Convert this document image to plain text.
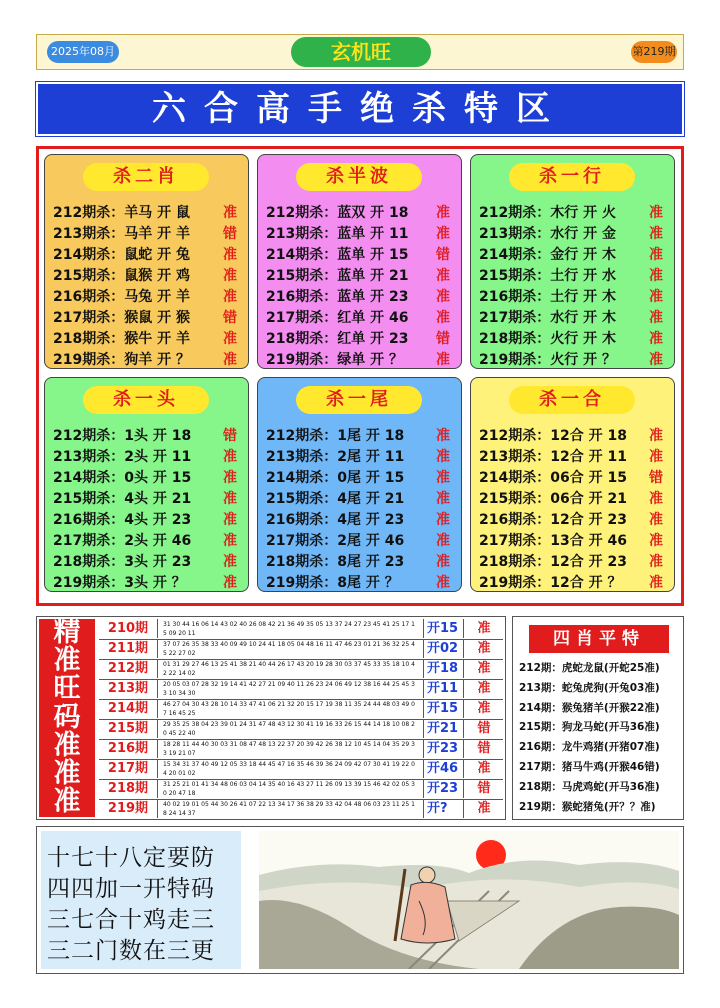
2025年08月	玄机旺	第219期
六合高手绝杀特区
杀二肖
212期杀：羊马 开 鼠 准
213期杀：马羊 开 羊 错
214期杀：鼠蛇 开 兔 准
215期杀：鼠猴 开 鸡 准
216期杀：马兔 开 羊 准
217期杀：猴鼠 开 猴 错
218期杀：猴牛 开 羊 准
219期杀：狗羊 开 ？ 准
杀半波
212期杀：蓝双 开 18 准
213期杀：蓝单 开 11 准
214期杀：蓝单 开 15 错
215期杀：蓝单 开 21 准
216期杀：蓝单 开 23 准
217期杀：红单 开 46 准
218期杀：红单 开 23 错
219期杀：绿单 开 ？ 准
杀一行
212期杀：木行 开 火 准
213期杀：水行 开 金 准
214期杀：金行 开 木 准
215期杀：土行 开 水 准
216期杀：土行 开 木 准
217期杀：水行 开 木 准
218期杀：火行 开 木 准
219期杀：火行 开 ？ 准
杀一头
212期杀：1头 开 18 错
213期杀：2头 开 11 准
214期杀：0头 开 15 准
215期杀：4头 开 21 准
216期杀：4头 开 23 准
217期杀：2头 开 46 准
218期杀：3头 开 23 准
219期杀：3头 开 ？	准
杀一尾
212期杀：1尾 开 18 准
213期杀：2尾 开 11 准
214期杀：0尾 开 15 准
215期杀：4尾 开 21 准
216期杀：4尾 开 23 准
217期杀：2尾 开 46 准
218期杀：8尾 开 23 准
219期杀：8尾 开 ？	准
杀一合
212期杀：12合 开 18 准
213期杀：12合 开 11 准
214期杀：06合 开 15 错
215期杀：06合 开 21 准
216期杀：12合 开 23 准
217期杀：13合 开 46 准
218期杀：12合 开 23 准
219期杀：12合 开 ？ 准
精
准
旺
码
准
准
准
210期	31 30 44 16 06 14 43 02 40 26 08 42 21 36 49 35 05 13 37 24 27 23 45 41 25 17 15 09 20 11	开15	准
211期	37 07 26 35 38 33 40 09 49 10 24 41 18 05 04 48 16 11 47 46 23 01 21 36 32 25 45 22 27 02	开02	准
212期	01 31 29 27 46 13 25 41 38 21 40 44 26 17 43 20 19 28 30 03 37 45 33 35 18 10 42 22 14 02	开18	准
213期	20 05 03 07 28 32 19 14 41 42 27 21 09 40 11 26 23 24 06 49 12 38 16 44 25 45 33 10 34 30	开11	准
214期	46 27 04 30 43 28 10 14 33 47 41 06 21 32 20 15 17 19 38 11 35 24 44 48 03 49 07 16 45 25	开15	准
215期	29 35 25 38 04 23 39 01 24 31 47 48 43 12 30 41 19 16 33 26 15 44 14 18 10 08 20 45 22 40	开21	错
216期	18 28 11 44 40 30 03 31 08 47 48 13 22 37 20 39 42 26 38 12 10 45 14 04 35 29 33 19 21 07	开23	错
217期	15 34 31 37 40 49 12 05 33 18 44 45 47 16 35 46 39 36 24 09 42 07 30 41 19 22 04 20 01 02	开46	准
218期	31 25 21 01 41 34 48 06 03 04 14 35 40 16 43 27 11 26 09 13 39 15 46 42 02 05 30 20 47 18	开23	错
219期	40 02 19 01 05 44 30 26 41 07 22 13 34 17 36 38 29 33 42 04 48 06 03 23 11 25 18 24 14 37	开?	准
四肖平特
212期：虎蛇龙鼠(开蛇25准)
213期：蛇兔虎狗(开兔03准)
214期：猴兔猪羊(开猴22准)
215期：狗龙马蛇(开马36准)
216期：龙牛鸡猪(开猪07准)
217期：猪马牛鸡(开猴46错)
218期：马虎鸡蛇(开马36准)
219期：猴蛇猪兔(开？？准)
十七十八定要防
四四加一开特码
三七合十鸡走三
三二门数在三更
